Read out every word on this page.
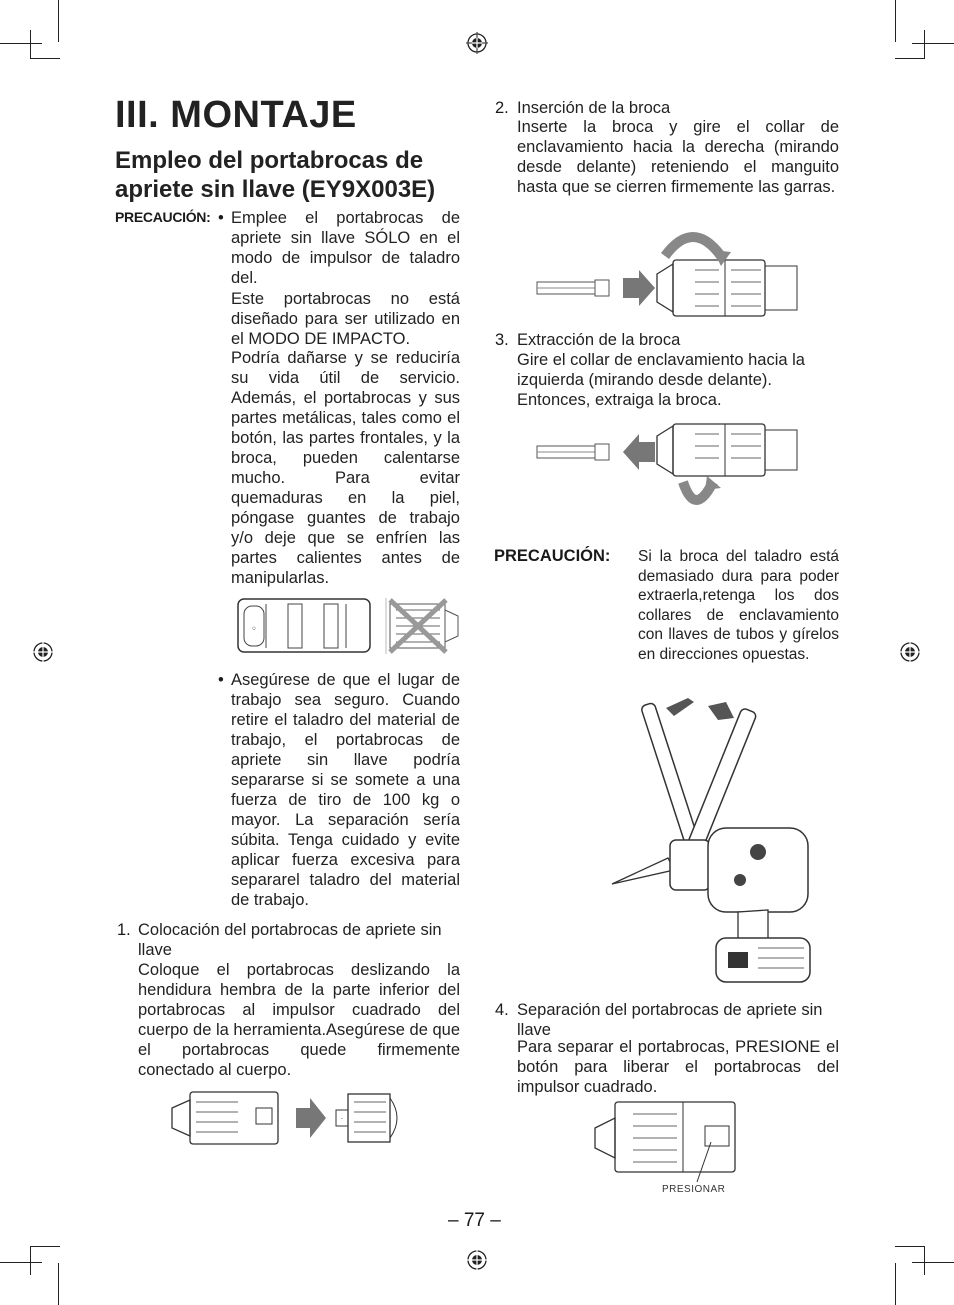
III. MONTAJE
Empleo del portabrocas de apriete sin llave (EY9X003E)
PRECAUCIÓN: • Emplee el portabrocas de apriete sin llave SÓLO en el modo de impulsor de taladro del.
Este portabrocas no está diseñado para ser utilizado en el MODO DE IMPACTO.
Podría dañarse y se reduciría su vida útil de servicio. Además, el portabrocas y sus partes metálicas, tales como el botón, las partes frontales, y la broca, pueden calentarse mucho. Para evitar quemaduras en la piel, póngase guantes de trabajo y/o deje que se enfríen las partes calientes antes de manipularlas.
◦
• Asegúrese de que el lugar de trabajo sea seguro. Cuando retire el taladro del material de trabajo, el portabrocas de apriete sin llave podría separarse si se somete a una fuerza de tiro de 100 kg o mayor. La separación sería súbita. Tenga cuidado y evite aplicar fuerza excesiva para separarel taladro del material de trabajo.
1. Colocación del portabrocas de apriete sin llave
Coloque el portabrocas deslizando la hendidura hembra de la parte inferior del portabrocas al impulsor cuadrado del cuerpo de la herramienta.Asegúrese de que el portabrocas quede firmemente conectado al cuerpo.
·
2. Inserción de la broca
Inserte la broca y gire el collar de enclavamiento hacia la derecha (mirando desde delante) reteniendo el manguito hasta que se cierren firmemente las garras.
3. Extracción de la broca
Gire el collar de enclavamiento hacia la izquierda (mirando desde delante). Entonces, extraiga la broca.
PRECAUCIÓN: Si la broca del taladro está demasiado dura para poder extraerla,retenga los dos collares de enclavamiento con llaves de tubos y gírelos en direcciones opuestas.
4. Separación del portabrocas de apriete sin llave
Para separar el portabrocas, PRESIONE el botón para liberar el portabrocas del impulsor cuadrado.
PRESIONAR
– 77 –
